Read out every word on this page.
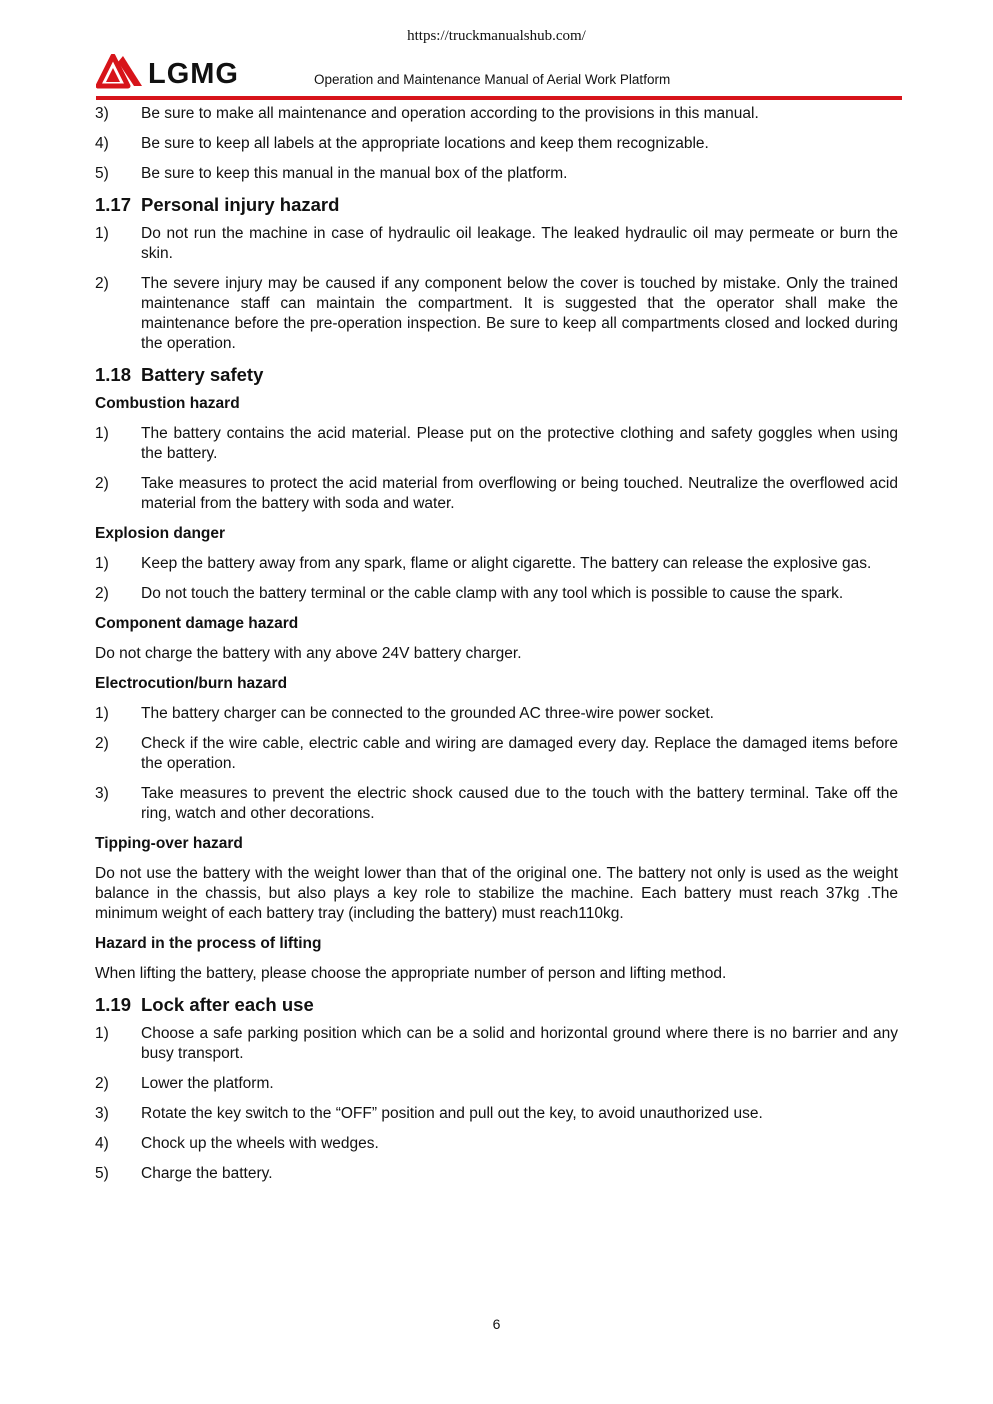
https://truckmanualshub.com/
LGMG	Operation and Maintenance Manual of Aerial Work Platform
3)	Be sure to make all maintenance and operation according to the provisions in this manual.
4)	Be sure to keep all labels at the appropriate locations and keep them recognizable.
5)	Be sure to keep this manual in the manual box of the platform.
1.17 Personal injury hazard
1)	Do not run the machine in case of hydraulic oil leakage. The leaked hydraulic oil may permeate or burn the skin.
2)	The severe injury may be caused if any component below the cover is touched by mistake. Only the trained maintenance staff can maintain the compartment. It is suggested that the operator shall make the maintenance before the pre-operation inspection. Be sure to keep all compartments closed and locked during the operation.
1.18 Battery safety
Combustion hazard
1)	The battery contains the acid material. Please put on the protective clothing and safety goggles when using the battery.
2)	Take measures to protect the acid material from overflowing or being touched. Neutralize the overflowed acid material from the battery with soda and water.
Explosion danger
1)	Keep the battery away from any spark, flame or alight cigarette. The battery can release the explosive gas.
2)	Do not touch the battery terminal or the cable clamp with any tool which is possible to cause the spark.
Component damage hazard
Do not charge the battery with any above 24V battery charger.
Electrocution/burn hazard
1)	The battery charger can be connected to the grounded AC three-wire power socket.
2)	Check if the wire cable, electric cable and wiring are damaged every day. Replace the damaged items before the operation.
3)	Take measures to prevent the electric shock caused due to the touch with the battery terminal. Take off the ring, watch and other decorations.
Tipping-over hazard
Do not use the battery with the weight lower than that of the original one. The battery not only is used as the weight balance in the chassis, but also plays a key role to stabilize the machine. Each battery must reach 37kg .The minimum weight of each battery tray (including the battery) must reach110kg.
Hazard in the process of lifting
When lifting the battery, please choose the appropriate number of person and lifting method.
1.19 Lock after each use
1)	Choose a safe parking position which can be a solid and horizontal ground where there is no barrier and any busy transport.
2)	Lower the platform.
3)	Rotate the key switch to the “OFF” position and pull out the key, to avoid unauthorized use.
4)	Chock up the wheels with wedges.
5)	Charge the battery.
6
